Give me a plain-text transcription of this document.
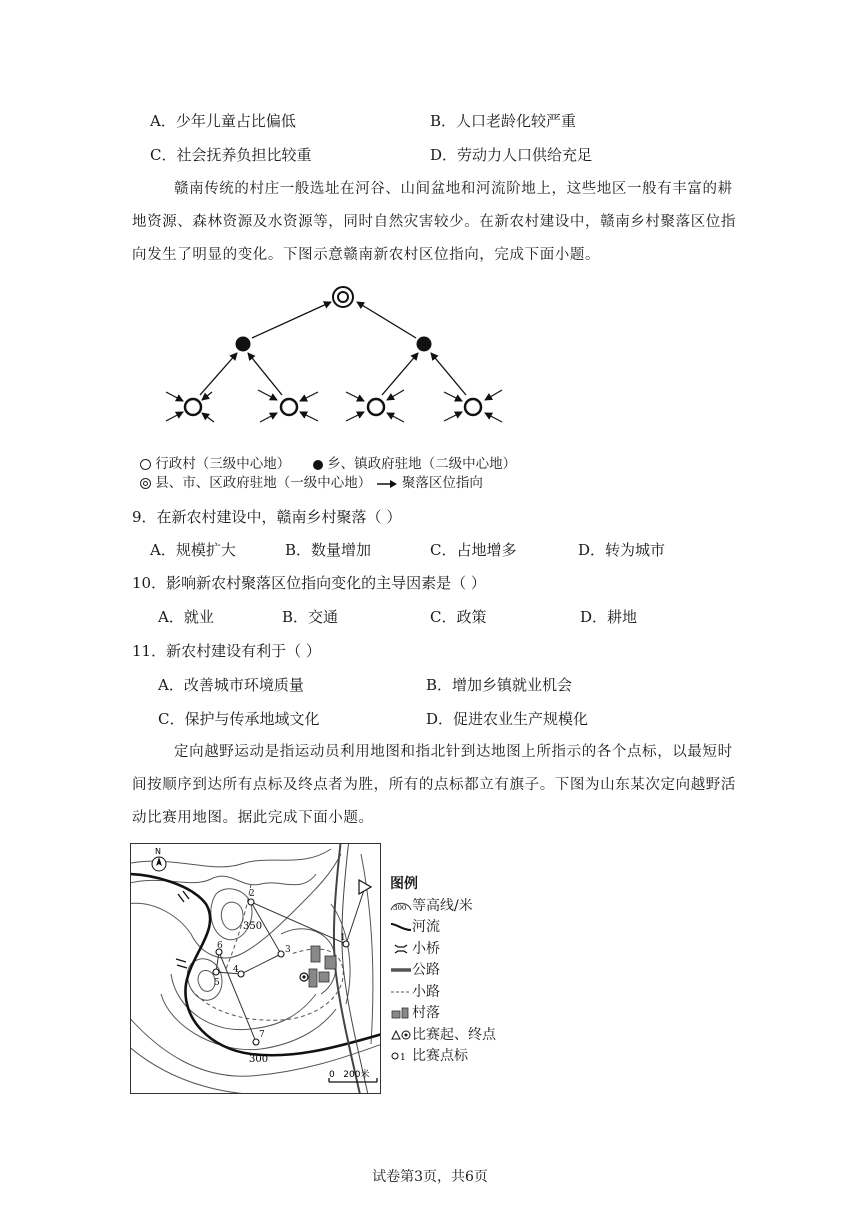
A．少年儿童占比偏低	B．人口老龄化较严重
C．社会抚养负担比较重	D．劳动力人口供给充足
赣南传统的村庄一般选址在河谷、山间盆地和河流阶地上，这些地区一般有丰富的耕
地资源、森林资源及水资源等，同时自然灾害较少。在新农村建设中，赣南乡村聚落区位指
向发生了明显的变化。下图示意赣南新农村区位指向，完成下面小题。
行政村（三级中心地）	乡、镇政府驻地（二级中心地）
县、市、区政府驻地（一级中心地） 聚落区位指向
9．在新农村建设中，赣南乡村聚落（ ）
A．规模扩大	B．数量增加	C．占地增多	D．转为城市
10．影响新农村聚落区位指向变化的主导因素是（ ）
A．就业	B．交通	C．政策	D．耕地
11．新农村建设有利于（ ）
A．改善城市环境质量	B．增加乡镇就业机会
C．保护与传承地域文化	D．促进农业生产规模化
定向越野运动是指运动员利用地图和指北针到达地图上所指示的各个点标，以最短时
间按顺序到达所有点标及终点者为胜，所有的点标都立有旗子。下图为山东某次定向越野活
动比赛用地图。据此完成下面小题。
N
350
300
1
2
3
4
5
6
7
0   200米
图例
300 等高线/米
河流
小桥
公路
小路
村落
比赛起、终点
1 比赛点标
试卷第3页，共6页
